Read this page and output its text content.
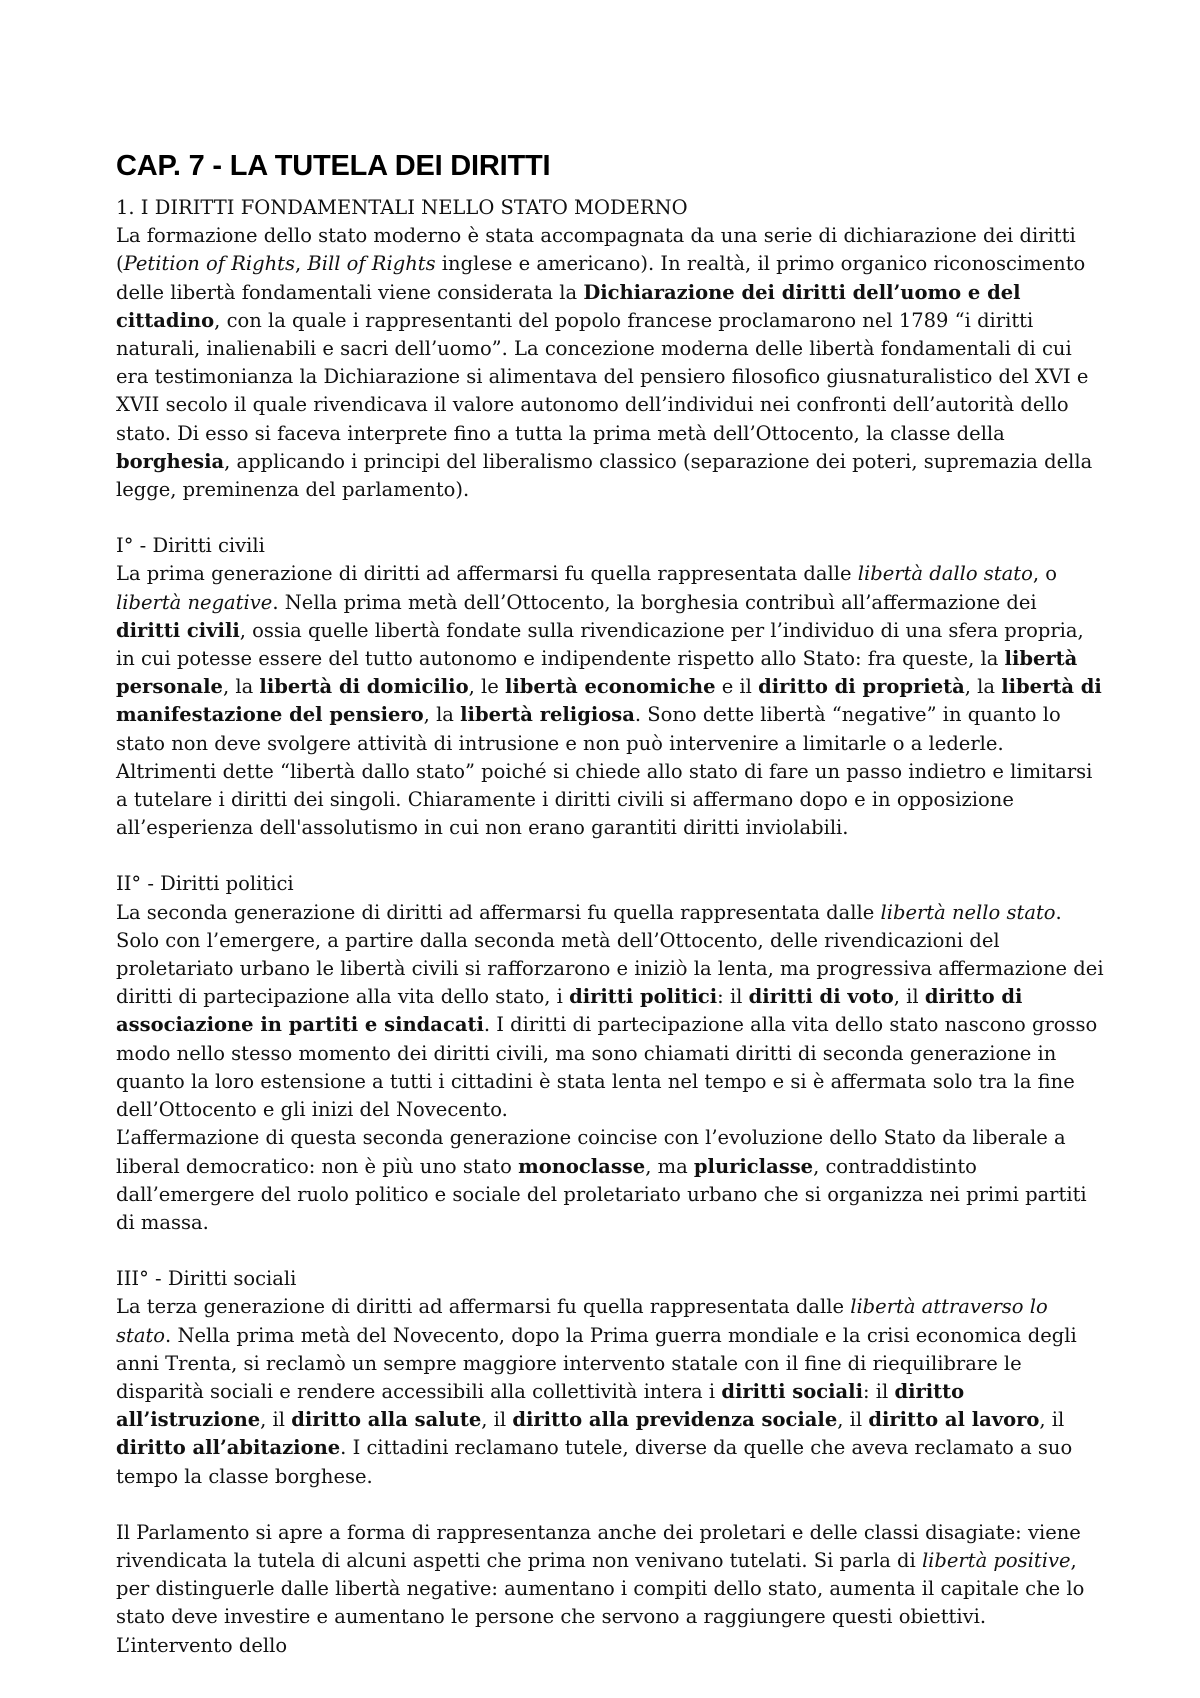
CAP. 7 - LA TUTELA DEI DIRITTI
1. I DIRITTI FONDAMENTALI NELLO STATO MODERNO

La formazione dello stato moderno è stata accompagnata da una serie di dichiarazione dei diritti (Petition of Rights, Bill of Rights inglese e americano). In realtà, il primo organico riconoscimento delle libertà fondamentali viene considerata la Dichiarazione dei diritti dell’uomo e del cittadino, con la quale i rappresentanti del popolo francese proclamarono nel 1789 “i diritti naturali, inalienabili e sacri dell’uomo”. La concezione moderna delle libertà fondamentali di cui era testimonianza la Dichiarazione si alimentava del pensiero filosofico giusnaturalistico del XVI e XVII secolo il quale rivendicava il valore autonomo dell’individui nei confronti dell’autorità dello stato. Di esso si faceva interprete fino a tutta la prima metà dell’Ottocento, la classe della borghesia, applicando i principi del liberalismo classico (separazione dei poteri, supremazia della legge, preminenza del parlamento).

I° - Diritti civili

La prima generazione di diritti ad affermarsi fu quella rappresentata dalle libertà dallo stato, o libertà negative. Nella prima metà dell’Ottocento, la borghesia contribuì all’affermazione dei diritti civili, ossia quelle libertà fondate sulla rivendicazione per l’individuo di una sfera propria, in cui potesse essere del tutto autonomo e indipendente rispetto allo Stato: fra queste, la libertà personale, la libertà di domicilio, le libertà economiche e il diritto di proprietà, la libertà di manifestazione del pensiero, la libertà religiosa. Sono dette libertà “negative” in quanto lo stato non deve svolgere attività di intrusione e non può intervenire a limitarle o a lederle. Altrimenti dette “libertà dallo stato” poiché si chiede allo stato di fare un passo indietro e limitarsi a tutelare i diritti dei singoli. Chiaramente i diritti civili si affermano dopo e in opposizione all’esperienza dell'assolutismo in cui non erano garantiti diritti inviolabili.

II° - Diritti politici

La seconda generazione di diritti ad affermarsi fu quella rappresentata dalle libertà nello stato. Solo con l’emergere, a partire dalla seconda metà dell’Ottocento, delle rivendicazioni del proletariato urbano le libertà civili si rafforzarono e iniziò la lenta, ma progressiva affermazione dei diritti di partecipazione alla vita dello stato, i diritti politici: il diritti di voto, il diritto di associazione in partiti e sindacati. I diritti di partecipazione alla vita dello stato nascono grosso modo nello stesso momento dei diritti civili, ma sono chiamati diritti di seconda generazione in quanto la loro estensione a tutti i cittadini è stata lenta nel tempo e si è affermata solo tra la fine dell’Ottocento e gli inizi del Novecento.

L’affermazione di questa seconda generazione coincise con l’evoluzione dello Stato da liberale a liberal democratico: non è più uno stato monoclasse, ma pluriclasse, contraddistinto dall’emergere del ruolo politico e sociale del proletariato urbano che si organizza nei primi partiti di massa.

III° - Diritti sociali

La terza generazione di diritti ad affermarsi fu quella rappresentata dalle libertà attraverso lo stato. Nella prima metà del Novecento, dopo la Prima guerra mondiale e la crisi economica degli anni Trenta, si reclamò un sempre maggiore intervento statale con il fine di riequilibrare le disparità sociali e rendere accessibili alla collettività intera i diritti sociali: il diritto all’istruzione, il diritto alla salute, il diritto alla previdenza sociale, il diritto al lavoro, il diritto all’abitazione. I cittadini reclamano tutele, diverse da quelle che aveva reclamato a suo tempo la classe borghese.

Il Parlamento si apre a forma di rappresentanza anche dei proletari e delle classi disagiate: viene rivendicata la tutela di alcuni aspetti che prima non venivano tutelati. Si parla di libertà positive, per distinguerle dalle libertà negative: aumentano i compiti dello stato, aumenta il capitale che lo stato deve investire e aumentano le persone che servono a raggiungere questi obiettivi. L’intervento dello
